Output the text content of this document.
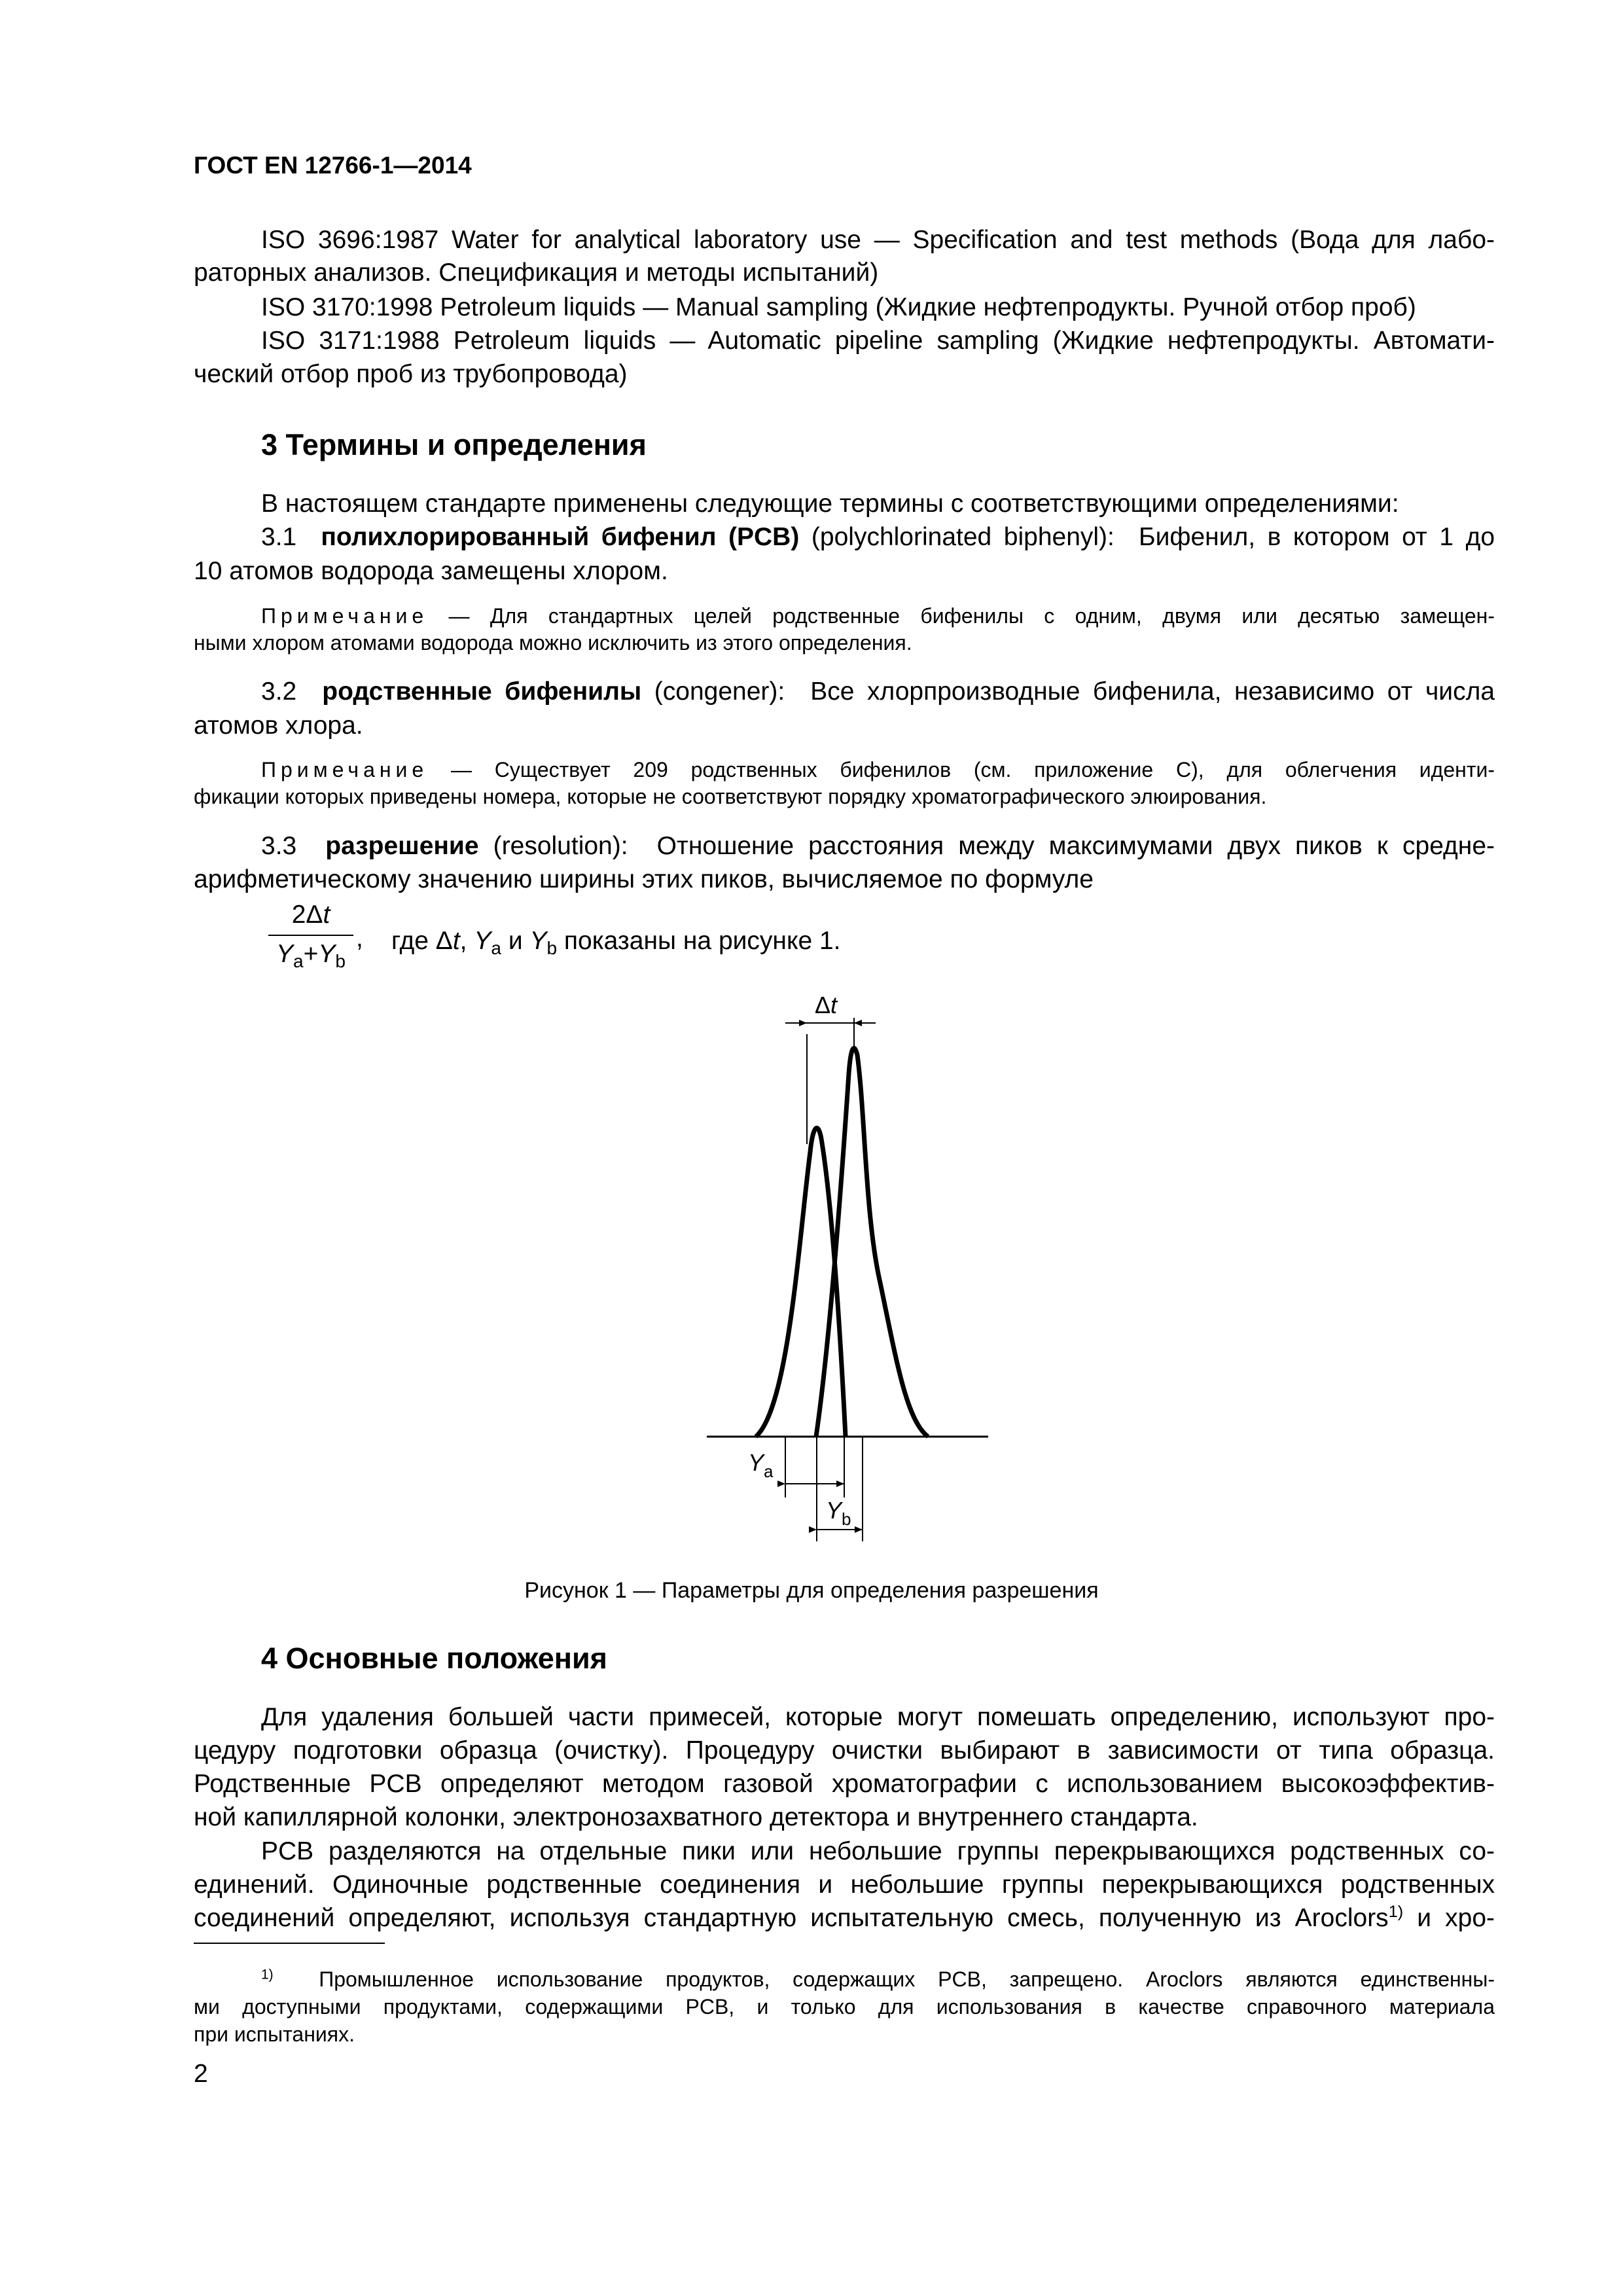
ГОСТ EN 12766-1—2014
ISO 3696:1987 Water for analytical laboratory use — Specification and test methods (Вода для лабо-
раторных анализов. Спецификация и методы испытаний)
ISO 3170:1998 Petroleum liquids — Manual sampling (Жидкие нефтепродукты. Ручной отбор проб)
ISO 3171:1988 Petroleum liquids — Automatic pipeline sampling (Жидкие нефтепродукты. Автомати-
ческий отбор проб из трубопровода)
3 Термины и определения
В настоящем стандарте применены следующие термины с соответствующими определениями:
3.1 полихлорированный бифенил (PCB) (polychlorinated biphenyl): Бифенил, в котором от 1 до
10 атомов водорода замещены хлором.
Примечание — Для стандартных целей родственные бифенилы с одним, двумя или десятью замещен-
ными хлором атомами водорода можно исключить из этого определения.
3.2 родственные бифенилы (congener): Все хлорпроизводные бифенила, независимо от числа
атомов хлора.
Примечание — Существует 209 родственных бифенилов (см. приложение С), для облегчения иденти-
фикации которых приведены номера, которые не соответствуют порядку хроматографического элюирования.
3.3 разрешение (resolution): Отношение расстояния между максимумами двух пиков к средне-
арифметическому значению ширины этих пиков, вычисляемое по формуле
2Δt
$Y_a+Y_b$
, где Δt, $Y_a$ и $Y_b$ показаны на рисунке 1.
Δt
$Y_a$
$Y_b$
Рисунок 1 — Параметры для определения разрешения
4 Основные положения
Для удаления большей части примесей, которые могут помешать определению, используют про-
цедуру подготовки образца (очистку). Процедуру очистки выбирают в зависимости от типа образца.
Родственные PCB определяют методом газовой хроматографии с использованием высокоэффектив-
ной капиллярной колонки, электронозахватного детектора и внутреннего стандарта.
PCB разделяются на отдельные пики или небольшие группы перекрывающихся родственных со-
единений. Одиночные родственные соединения и небольшие группы перекрывающихся родственных
соединений определяют, используя стандартную испытательную смесь, полученную из Aroclors$^{1)}$ и хро-
$^{1)}$ Промышленное использование продуктов, содержащих PCB, запрещено. Aroclors являются единственны-
ми доступными продуктами, содержащими PCB, и только для использования в качестве справочного материала
при испытаниях.
2
